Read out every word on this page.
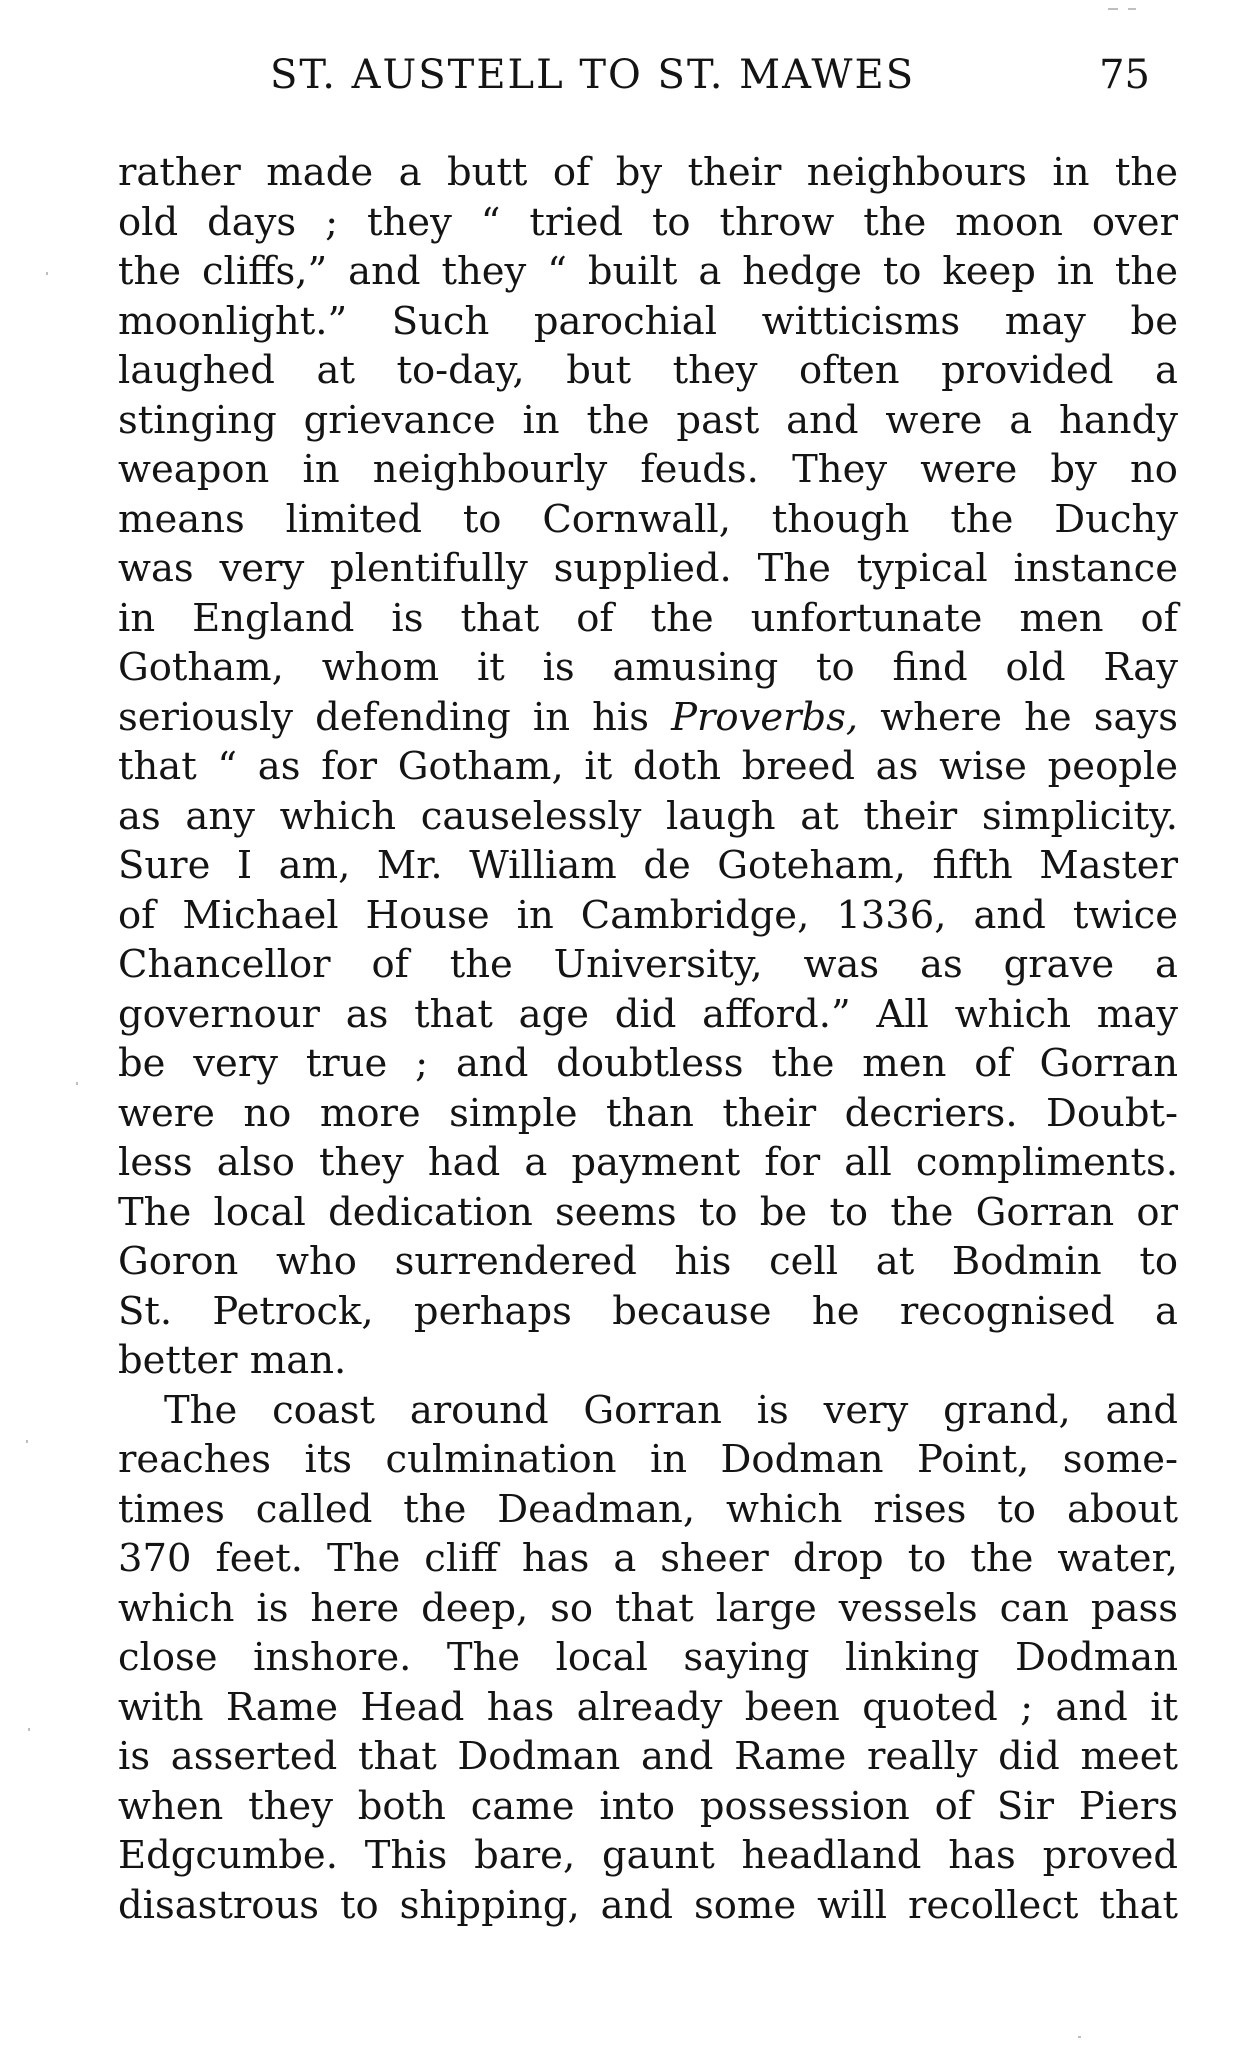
ST. AUSTELL TO ST. MAWES	75
rather made a butt of by their neighbours in the
old days ; they “ tried to throw the moon over
the cliffs,” and they “ built a hedge to keep in the
moonlight.” Such parochial witticisms may be
laughed at to-day, but they often provided a
stinging grievance in the past and were a handy
weapon in neighbourly feuds. They were by no
means limited to Cornwall, though the Duchy
was very plentifully supplied. The typical instance
in England is that of the unfortunate men of
Gotham, whom it is amusing to find old Ray
seriously defending in his Proverbs, where he says
that “ as for Gotham, it doth breed as wise people
as any which causelessly laugh at their simplicity.
Sure I am, Mr. William de Goteham, fifth Master
of Michael House in Cambridge, 1336, and twice
Chancellor of the University, was as grave a
governour as that age did afford.” All which may
be very true ; and doubtless the men of Gorran
were no more simple than their decriers. Doubt-
less also they had a payment for all compliments.
The local dedication seems to be to the Gorran or
Goron who surrendered his cell at Bodmin to
St. Petrock, perhaps because he recognised a
better man.
The coast around Gorran is very grand, and
reaches its culmination in Dodman Point, some-
times called the Deadman, which rises to about
370 feet. The cliff has a sheer drop to the water,
which is here deep, so that large vessels can pass
close inshore. The local saying linking Dodman
with Rame Head has already been quoted ; and it
is asserted that Dodman and Rame really did meet
when they both came into possession of Sir Piers
Edgcumbe. This bare, gaunt headland has proved
disastrous to shipping, and some will recollect that
